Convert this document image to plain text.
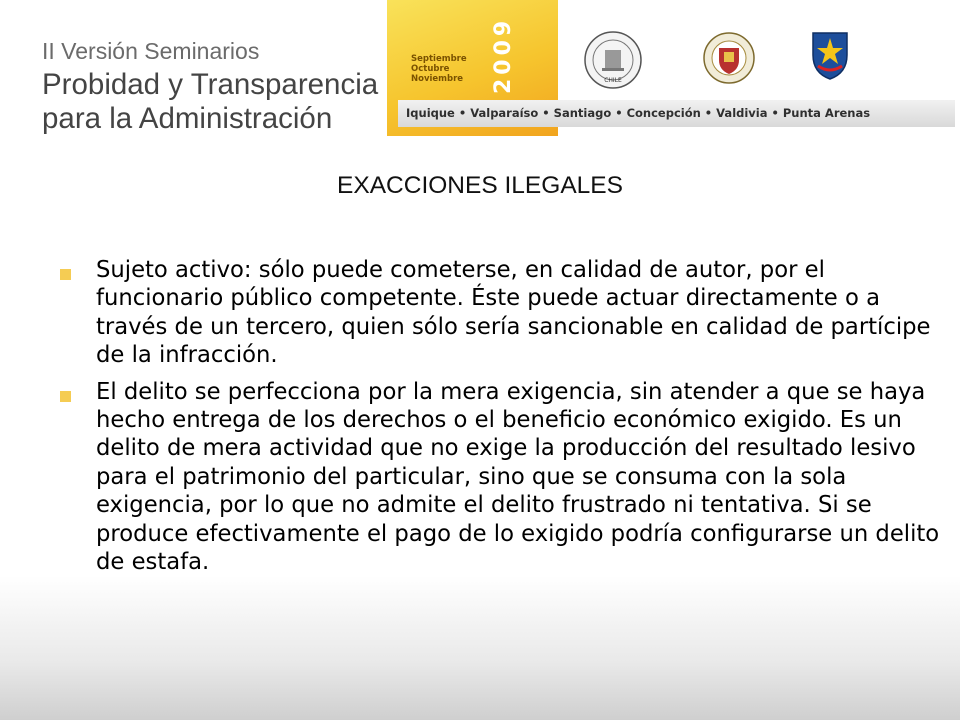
II Versión Seminarios
Probidad y Transparencia para la Administración
Septiembre
Octubre
Noviembre 2009	CHILE
Iquique • Valparaíso • Santiago • Concepción • Valdivia • Punta Arenas
EXACCIONES ILEGALES
Sujeto activo: sólo puede cometerse, en calidad de autor, por el funcionario público competente. Éste puede actuar directamente o a través de un tercero, quien sólo sería sancionable en calidad de partícipe de la infracción.
El delito se perfecciona por la mera exigencia, sin atender a que se haya hecho entrega de los derechos o el beneficio económico exigido. Es un delito de mera actividad que no exige la producción del resultado lesivo para el patrimonio del particular, sino que se consuma con la sola exigencia, por lo que no admite el delito frustrado ni tentativa. Si se produce efectivamente el pago de lo exigido podría configurarse un delito de estafa.
